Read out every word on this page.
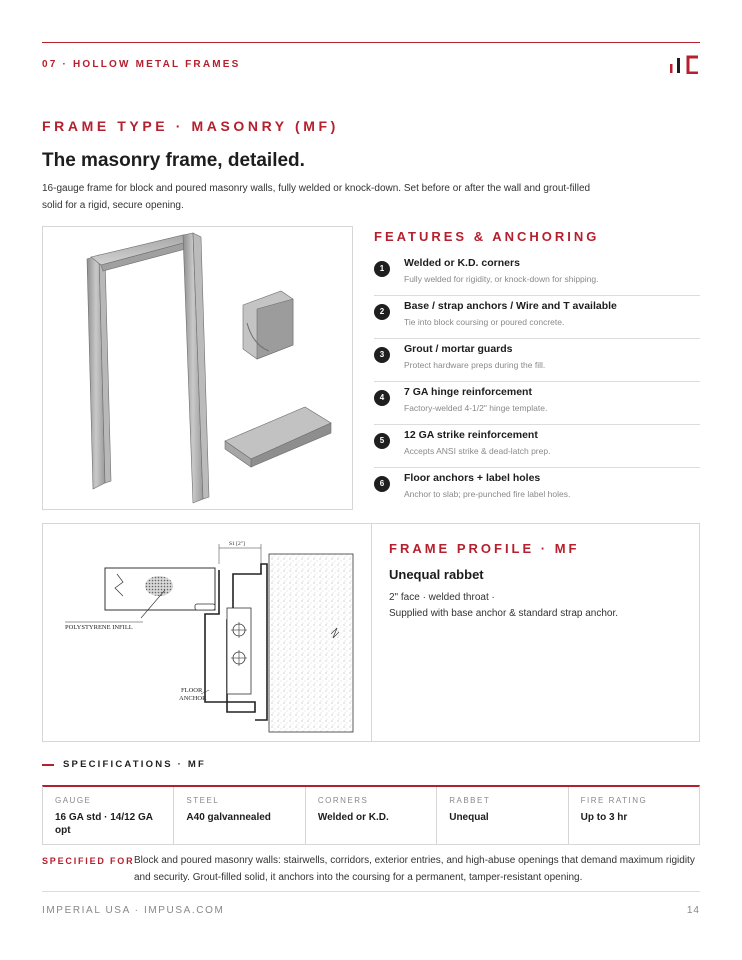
07 · HOLLOW METAL FRAMES
FRAME TYPE · MASONRY (MF)
The masonry frame, detailed.
16-gauge frame for block and poured masonry walls, fully welded or knock-down. Set before or after the wall and grout-filled solid for a rigid, secure opening.
FEATURES & ANCHORING
1	Welded or K.D. corners
Fully welded for rigidity, or knock-down for shipping.
2	Base / strap anchors / Wire and T available
Tie into block coursing or poured concrete.
3	Grout / mortar guards
Protect hardware preps during the fill.
4	7 GA hinge reinforcement
Factory-welded 4-1/2" hinge template.
5	12 GA strike reinforcement
Accepts ANSI strike & dead-latch prep.
6	Floor anchors + label holes
Anchor to slab; pre-punched fire label holes.
S1 [2"]
POLYSTYRENE INFILL
FLOOR
ANCHOR
FRAME PROFILE · MF
Unequal rabbet
2" face · welded throat ·
Supplied with base anchor & standard strap anchor.
SPECIFICATIONS · MF
GAUGE
16 GA std · 14/12 GA opt
STEEL
A40 galvannealed
CORNERS
Welded or K.D.
RABBET
Unequal
FIRE RATING
Up to 3 hr
SPECIFIED FOR Block and poured masonry walls: stairwells, corridors, exterior entries, and high-abuse openings that demand maximum rigidity and security. Grout-filled solid, it anchors into the coursing for a permanent, tamper-resistant opening.
IMPERIAL USA · IMPUSA.COM	14
